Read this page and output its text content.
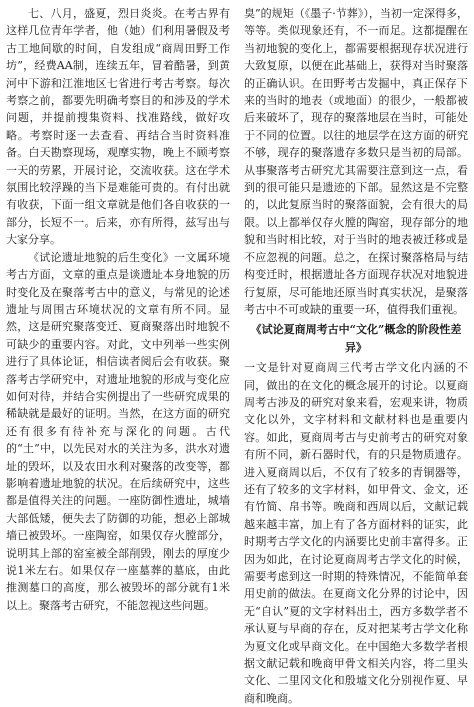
七、八月，盛夏，烈日炎炎。在考古界有这样几位青年学者，他（她）们利用暑假及考古工地间歇的时间，自发组成“商周田野工作坊”，经费AA制，连续五年，冒着酷暑，到黄河中下游和江淮地区七省进行考古考察。每次考察之前，都要先明确考察目的和涉及的学术问题，并提前搜集资料、找准路线，做好攻略。考察时逐一去查看、再结合当时资料准备。白天勘察现场，观摩实物，晚上不顾考察一天的劳累，开展讨论，交流收获。这在学术氛围比较浮躁的当下是难能可贵的。有付出就有收获，下面一组文章就是他们各自收获的一部分，长短不一。后来，亦有所得，兹写出与大家分享。

《试论遗址地貌的后生变化》一文属环境考古方面，文章的重点是谈遗址本身地貌的历时变化及在聚落考古中的意义，与常见的论述遗址与周围古环境状况的文章有所不同。显然，这是研究聚落变迁、夏商聚落出时地貌不可缺少的重要内容。对此，文中列举一些实例进行了具体论证，相信读者阅后会有收获。聚落考古学研究中，对遗址地貌的形成与变化应如何对待，并结合实例提出了一些研究成果的稀缺就是最好的证明。当然，在这方面的研究还有很多有待补充与深化的问题。古代的“土”中，以先民对水的关注为多，洪水对遗址的毁坏，以及农田水利对聚落的改变等，都影响着遗址地貌的状况。在后续研究中，这些都是值得关注的问题。一座防御性遗址，城墙大部低矮，便失去了防御的功能，想必上部城墙已被毁坏。一座陶窑，如果仅存火膛部分，说明其上部的窑室被全部削毁，刚去的厚度少说1米左右。如果仅存一座墓葬的墓底，由此推测墓口的高度，那么被毁坏的部分就有1米以上。聚落考古研究，不能忽视这些问题。

臭”的规矩（《墨子·节葬》），当初一定深得多，等等。类似现象还有，不一而足。这都提醒在当初地貌的变化上，都需要根据现存状况进行大致复原，以便在此基础上，获得对当时聚落的正确认识。在田野考古发掘中，真正保存下来的当时的地表（或地面）的很少，一般都被后来破坏了，现存的聚落地层在当时，可能处于不同的位置。以往的地层学在这方面的研究不够，现存的聚落遗存多数只是当初的局部。从事聚落考古研究尤其需要注意到这一点，看到的很可能只是遗迹的下部。显然这是不完整的，以此复原当时的聚落面貌，会有很大的局限。以上都举仅存火膛的陶窑，现存部分的地貌和当时相比较，对于当时的地表被迁移或是不应忽视的问题。总之，在探讨聚落格局与结构变迁时，根据遗址各方面现存状况对地貌进行复原，尽可能地还原当时真实状况，是聚落考古中不可或缺的重要一环，值得我们重视。

《试论夏商周考古中“文化”概念的阶段性差异》

一文是针对夏商周三代考古学文化内涵的不同，做出的在文化的概念展开的讨论。以夏商周考古涉及的研究对象来看，宏观来讲，物质文化以外，文字材料和文献材料也是重要内容。如此，夏商周考古与史前考古的研究对象有所不同，新石器时代，有的只是物质遗存。进入夏商周以后，不仅有了较多的青铜器等，还有了较多的文字材料，如甲骨文、金文，还有竹简、帛书等。晚商和西周以后，文献记载越来越丰富，加上有了各方面材料的证实，此时期考古学文化的内涵要比史前丰富得多。正因为如此，在讨论夏商周考古学文化的时候，需要考虑到这一时期的特殊情况，不能简单套用史前的做法。在夏商文化分界的讨论中，因无“自认”夏的文字材料出土，西方多数学者不承认夏与早商的存在，反对把某考古学文化称为夏文化或早商文化。在中国绝大多数学者根据文献记载和晚商甲骨文相关内容，将二里头文化、二里冈文化和殷墟文化分别视作夏、早商和晚商。
